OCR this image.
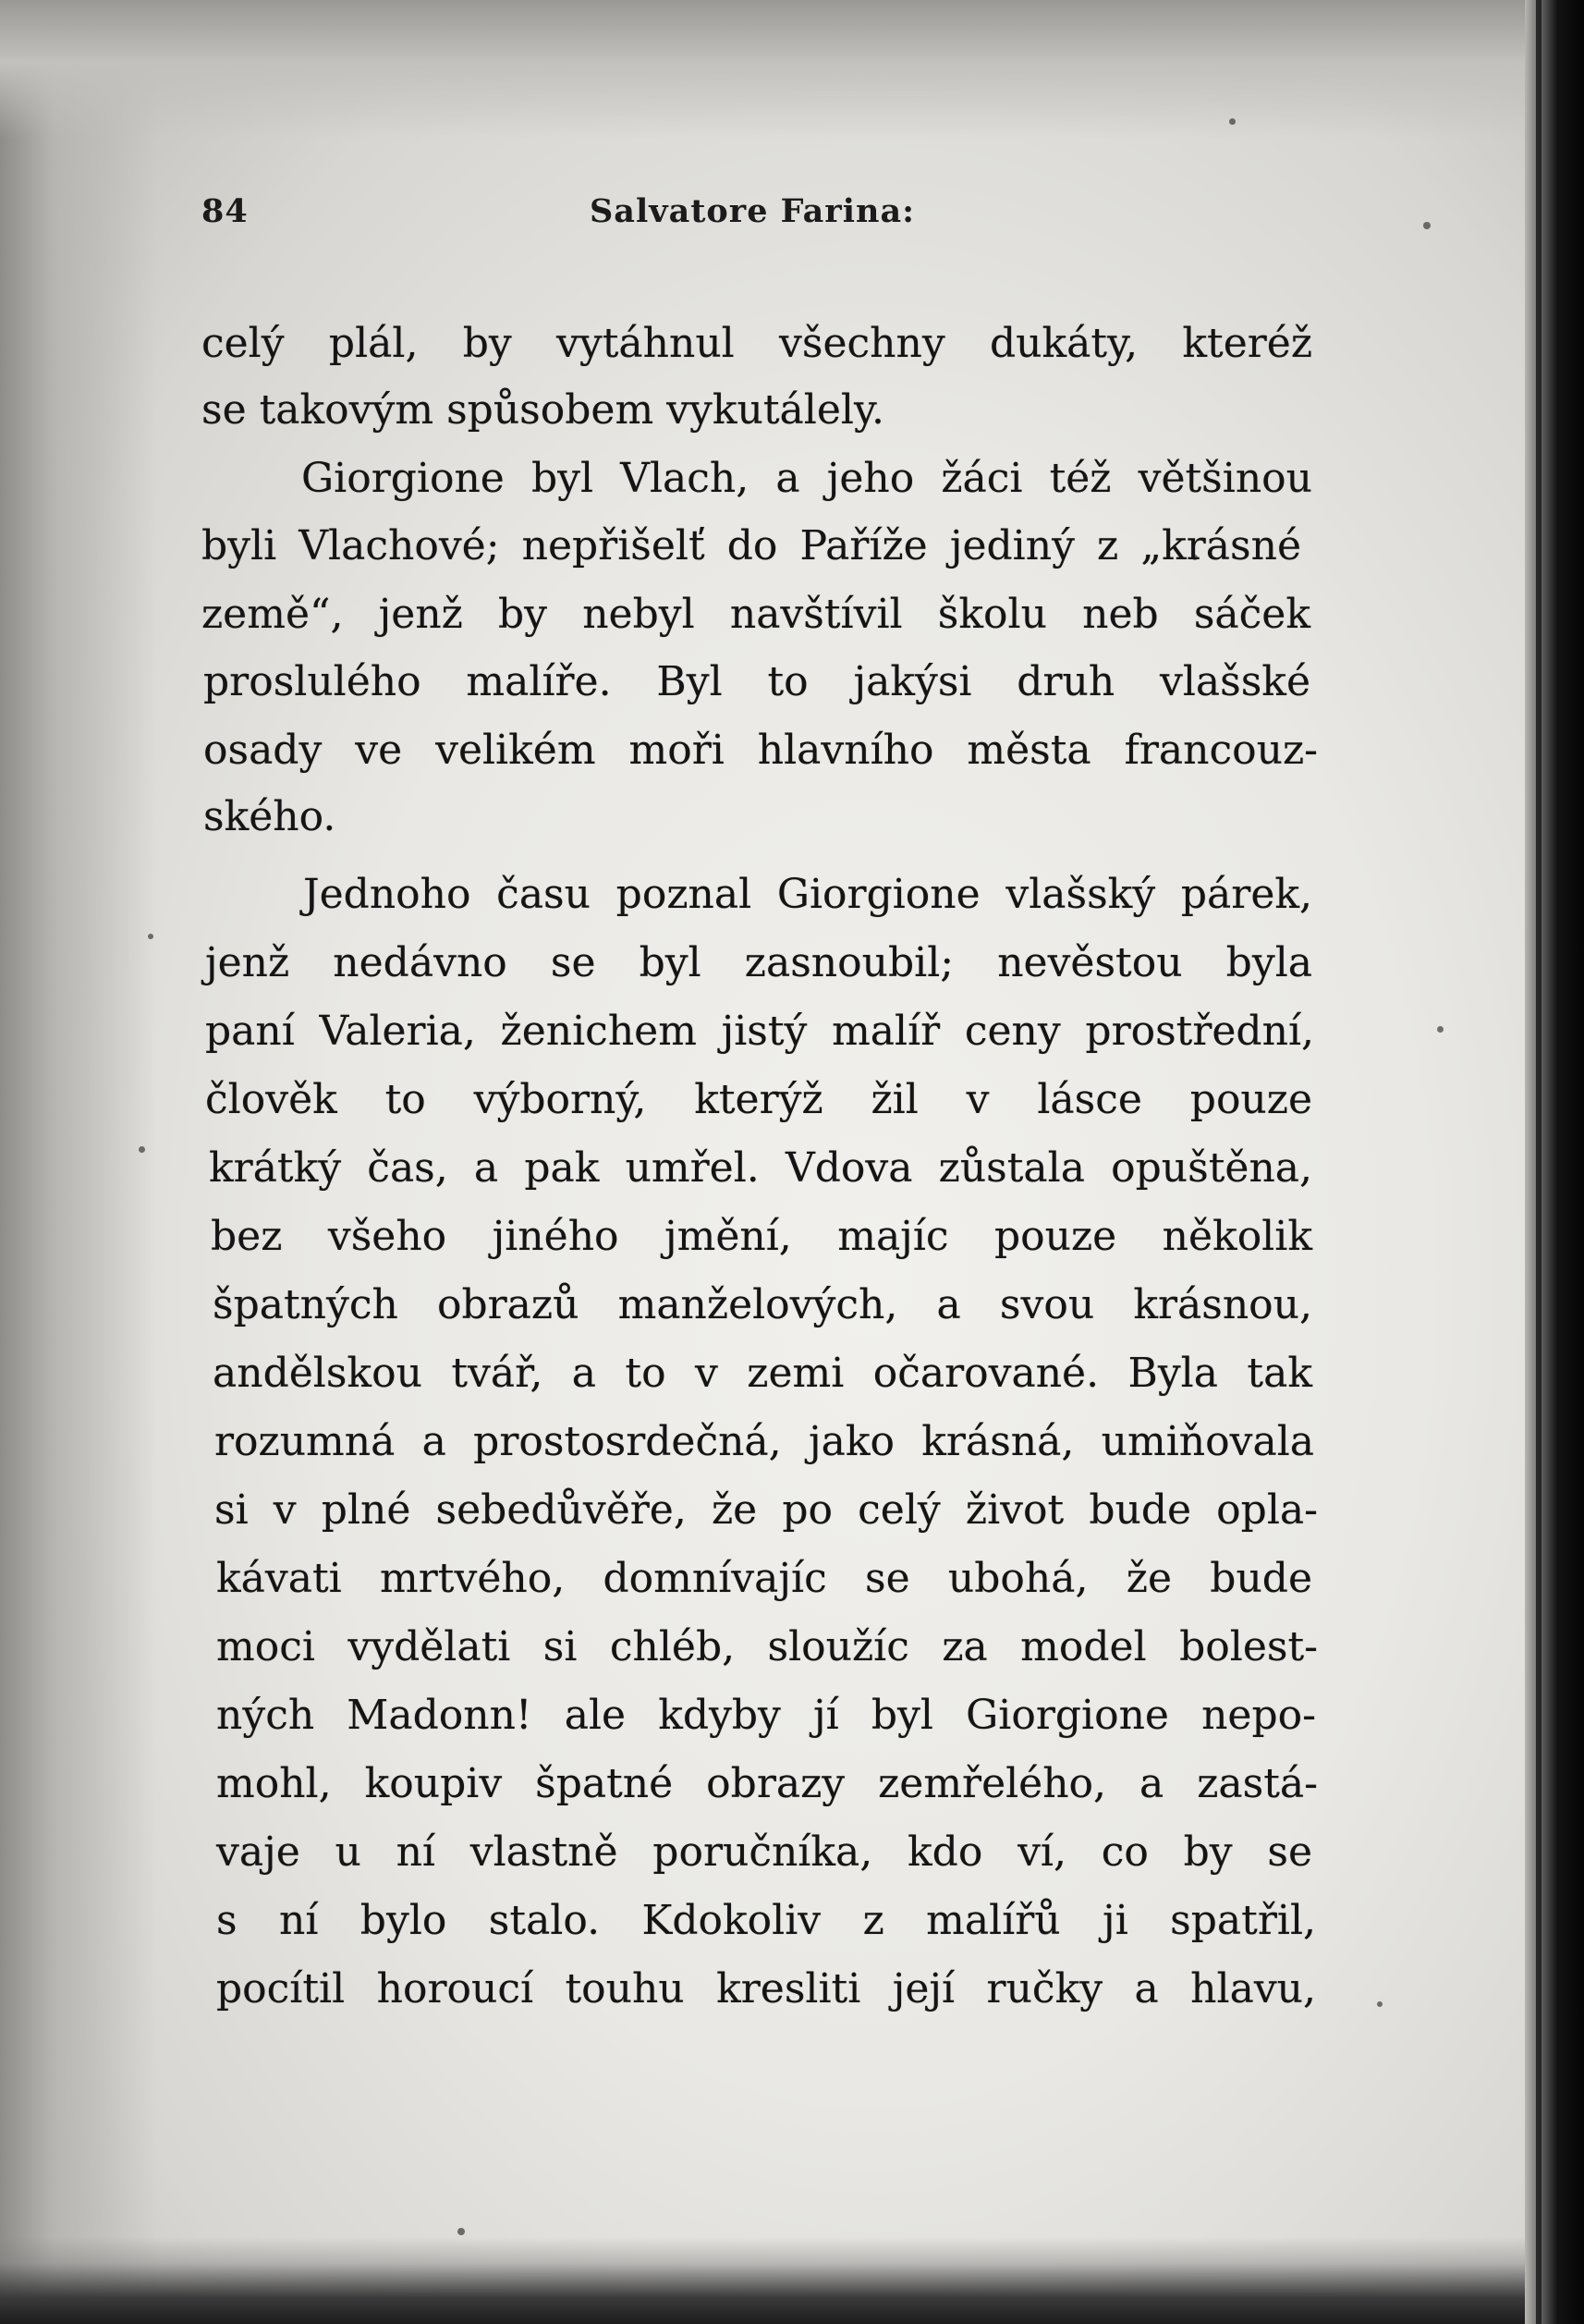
84	Salvatore Farina:
celý plál, by vytáhnul všechny dukáty, kteréž
se takovým spůsobem vykutálely.
Giorgione byl Vlach, a jeho žáci též většinou
byli Vlachové; nepřišelť do Paříže jediný z „krásné
země“, jenž by nebyl navštívil školu neb sáček
proslulého malíře. Byl to jakýsi druh vlašské
osady ve velikém moři hlavního města francouz-
ského.
Jednoho času poznal Giorgione vlašský párek,
jenž nedávno se byl zasnoubil; nevěstou byla
paní Valeria, ženichem jistý malíř ceny prostřední,
člověk to výborný, kterýž žil v lásce pouze
krátký čas, a pak umřel. Vdova zůstala opuštěna,
bez všeho jiného jmění, majíc pouze několik
špatných obrazů manželových, a svou krásnou,
andělskou tvář, a to v zemi očarované. Byla tak
rozumná a prostosrdečná, jako krásná, umiňovala
si v plné sebedůvěře, že po celý život bude opla-
kávati mrtvého, domnívajíc se ubohá, že bude
moci vydělati si chléb, sloužíc za model bolest-
ných Madonn! ale kdyby jí byl Giorgione nepo-
mohl, koupiv špatné obrazy zemřelého, a zastá-
vaje u ní vlastně poručníka, kdo ví, co by se
s ní bylo stalo. Kdokoliv z malířů ji spatřil,
pocítil horoucí touhu kresliti její ručky a hlavu,
